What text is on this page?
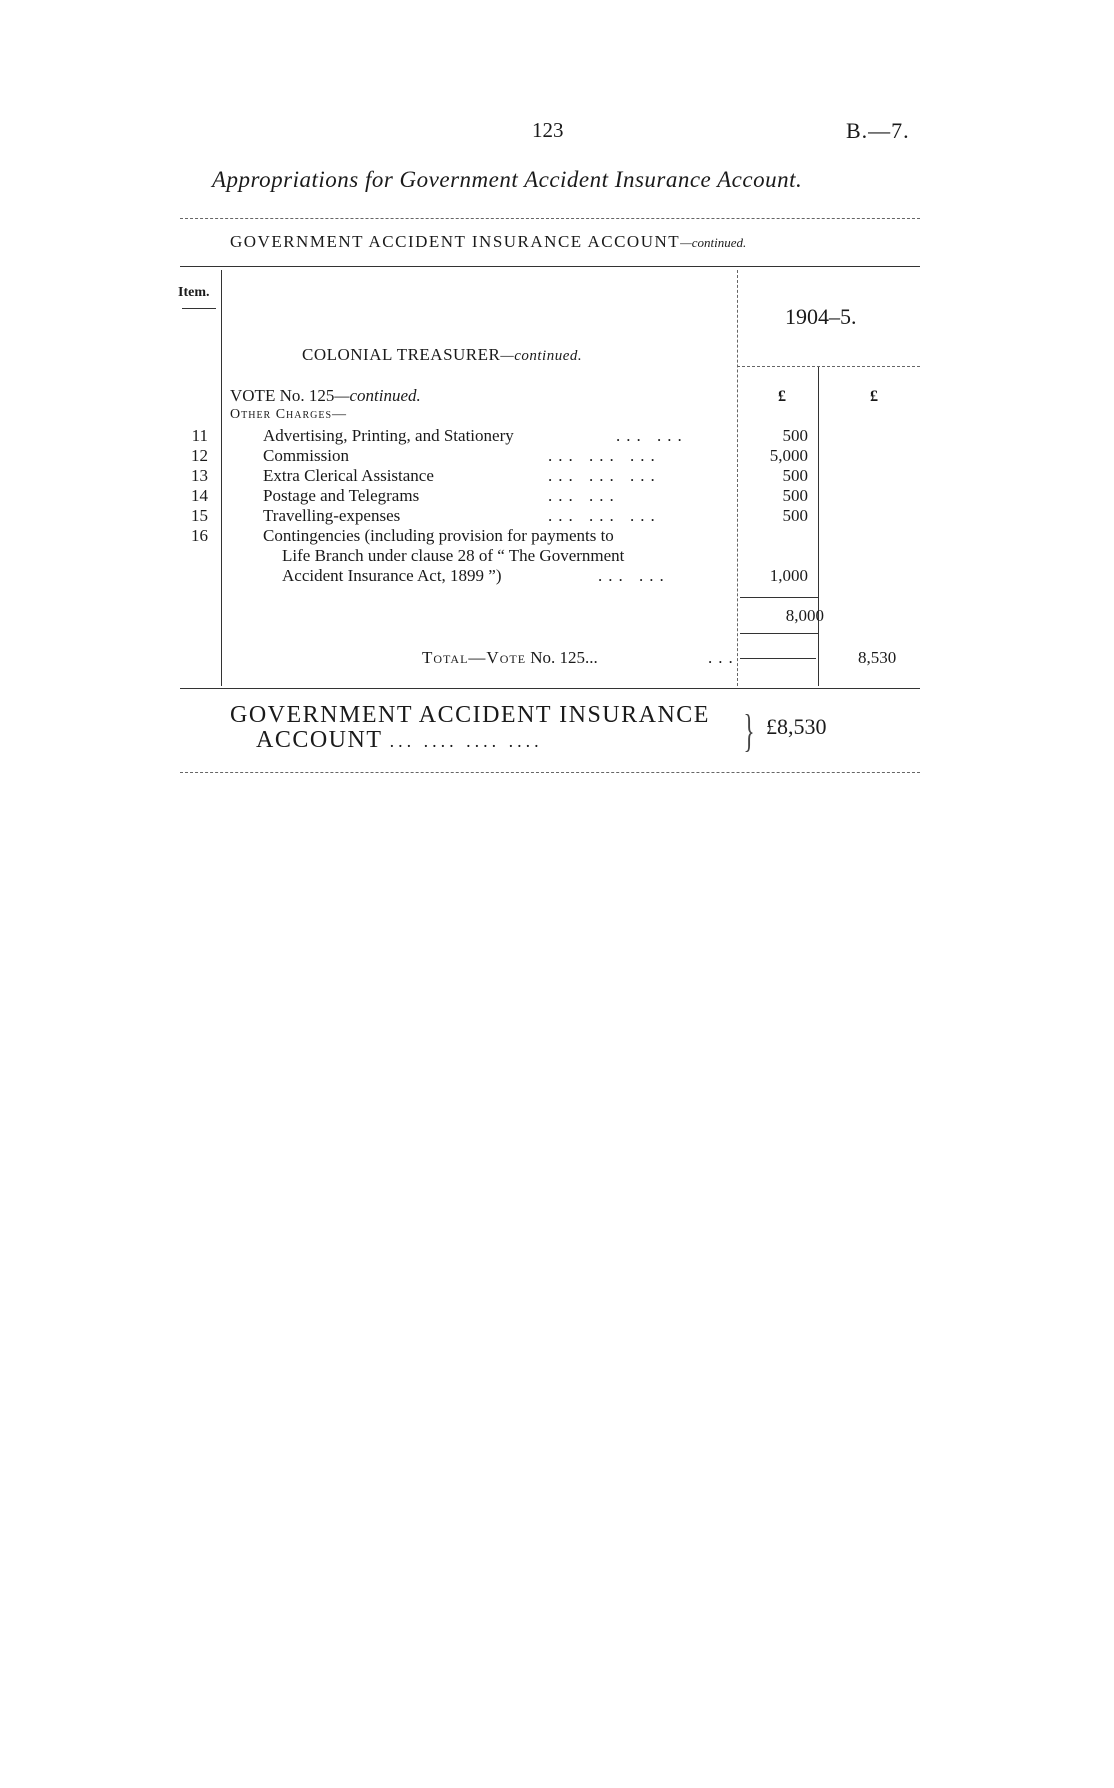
123	B.—7.
Appropriations for Government Accident Insurance Account.
GOVERNMENT ACCIDENT INSURANCE ACCOUNT—continued.
Item.
1904–5.
COLONIAL TREASURER—continued.
VOTE No. 125—continued.
Other Charges—
£	£
11	Advertising, Printing, and Stationery	... ...	500
12	Commission	... ... ...	5,000
13	Extra Clerical Assistance	... ... ...	500
14	Postage and Telegrams	... ...	500
15	Travelling-expenses	... ... ...	500
16	Contingencies (including provision for payments to
Life Branch under clause 28 of “ The Government
Accident Insurance Act, 1899 ”)	... ...	1,000
8,000
Total—Vote No. 125...	...	8,530
GOVERNMENT ACCIDENT INSURANCE
ACCOUNT ... .... .... ....	} £8,530
